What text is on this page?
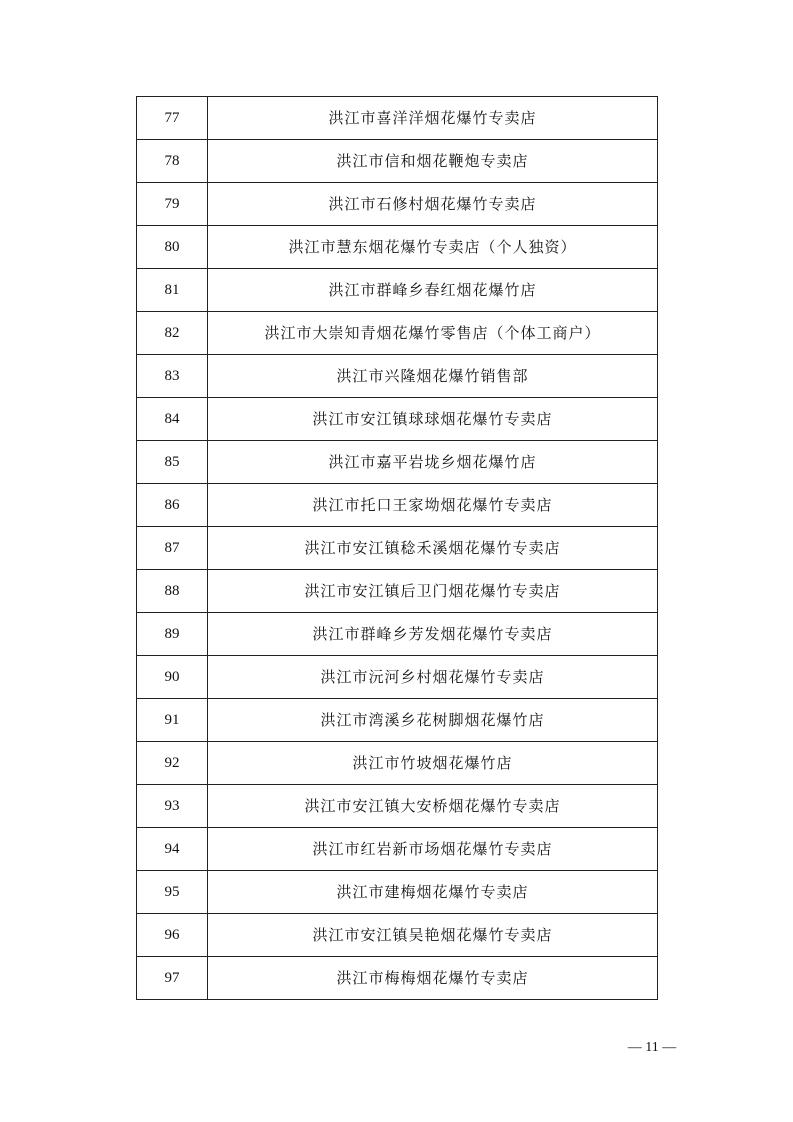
77	洪江市喜洋洋烟花爆竹专卖店
78	洪江市信和烟花鞭炮专卖店
79	洪江市石修村烟花爆竹专卖店
80	洪江市慧东烟花爆竹专卖店（个人独资）
81	洪江市群峰乡春红烟花爆竹店
82	洪江市大崇知青烟花爆竹零售店（个体工商户）
83	洪江市兴隆烟花爆竹销售部
84	洪江市安江镇球球烟花爆竹专卖店
85	洪江市嘉平岩垅乡烟花爆竹店
86	洪江市托口王家坳烟花爆竹专卖店
87	洪江市安江镇稔禾溪烟花爆竹专卖店
88	洪江市安江镇后卫门烟花爆竹专卖店
89	洪江市群峰乡芳发烟花爆竹专卖店
90	洪江市沅河乡村烟花爆竹专卖店
91	洪江市湾溪乡花树脚烟花爆竹店
92	洪江市竹坡烟花爆竹店
93	洪江市安江镇大安桥烟花爆竹专卖店
94	洪江市红岩新市场烟花爆竹专卖店
95	洪江市建梅烟花爆竹专卖店
96	洪江市安江镇吴艳烟花爆竹专卖店
97	洪江市梅梅烟花爆竹专卖店
— 11 —
